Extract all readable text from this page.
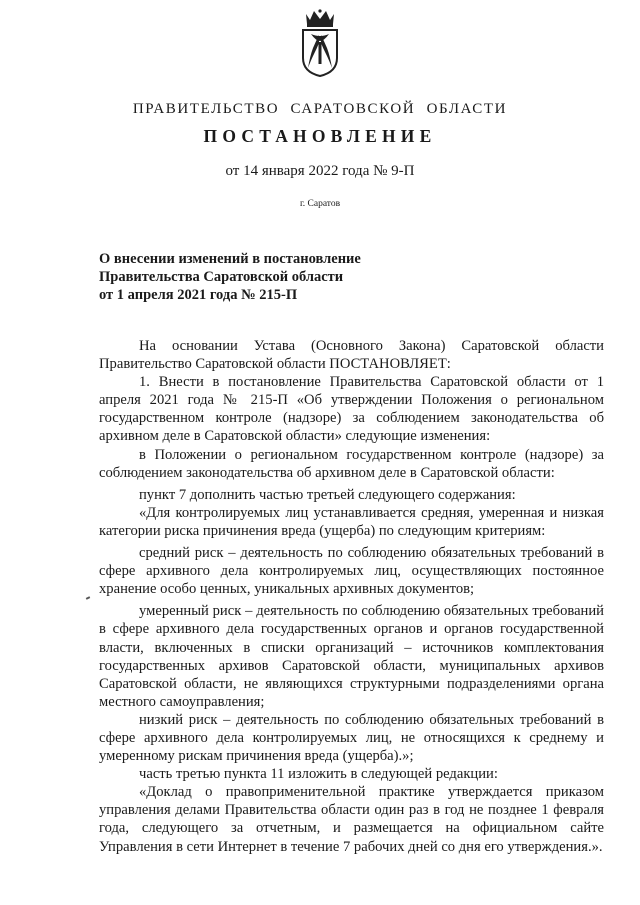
ПРАВИТЕЛЬСТВО САРАТОВСКОЙ ОБЛАСТИ
ПОСТАНОВЛЕНИЕ
от 14 января 2022 года № 9-П
г. Саратов
О внесении изменений в постановление
Правительства Саратовской области
от 1 апреля 2021 года № 215-П

На основании Устава (Основного Закона) Саратовской области Правительство Саратовской области ПОСТАНОВЛЯЕТ:

1. Внести в постановление Правительства Саратовской области от 1 апреля 2021 года № 215-П «Об утверждении Положения о региональном государственном контроле (надзоре) за соблюдением законодательства об архивном деле в Саратовской области» следующие изменения:

в Положении о региональном государственном контроле (надзоре) за соблюдением законодательства об архивном деле в Саратовской области:

пункт 7 дополнить частью третьей следующего содержания:

«Для контролируемых лиц устанавливается средняя, умеренная и низкая категории риска причинения вреда (ущерба) по следующим критериям:

средний риск – деятельность по соблюдению обязательных требований в сфере архивного дела контролируемых лиц, осуществляющих постоянное хранение особо ценных, уникальных архивных документов;

умеренный риск – деятельность по соблюдению обязательных требований в сфере архивного дела государственных органов и органов государственной власти, включенных в списки организаций – источников комплектования государственных архивов Саратовской области, муниципальных архивов Саратовской области, не являющихся структурными подразделениями органа местного самоуправления;

низкий риск – деятельность по соблюдению обязательных требований в сфере архивного дела контролируемых лиц, не относящихся к среднему и умеренному рискам причинения вреда (ущерба).»;

часть третью пункта 11 изложить в следующей редакции:

«Доклад о правоприменительной практике утверждается приказом управления делами Правительства области один раз в год не позднее 1 февраля года, следующего за отчетным, и размещается на официальном сайте Управления в сети Интернет в течение 7 рабочих дней со дня его утверждения.».
